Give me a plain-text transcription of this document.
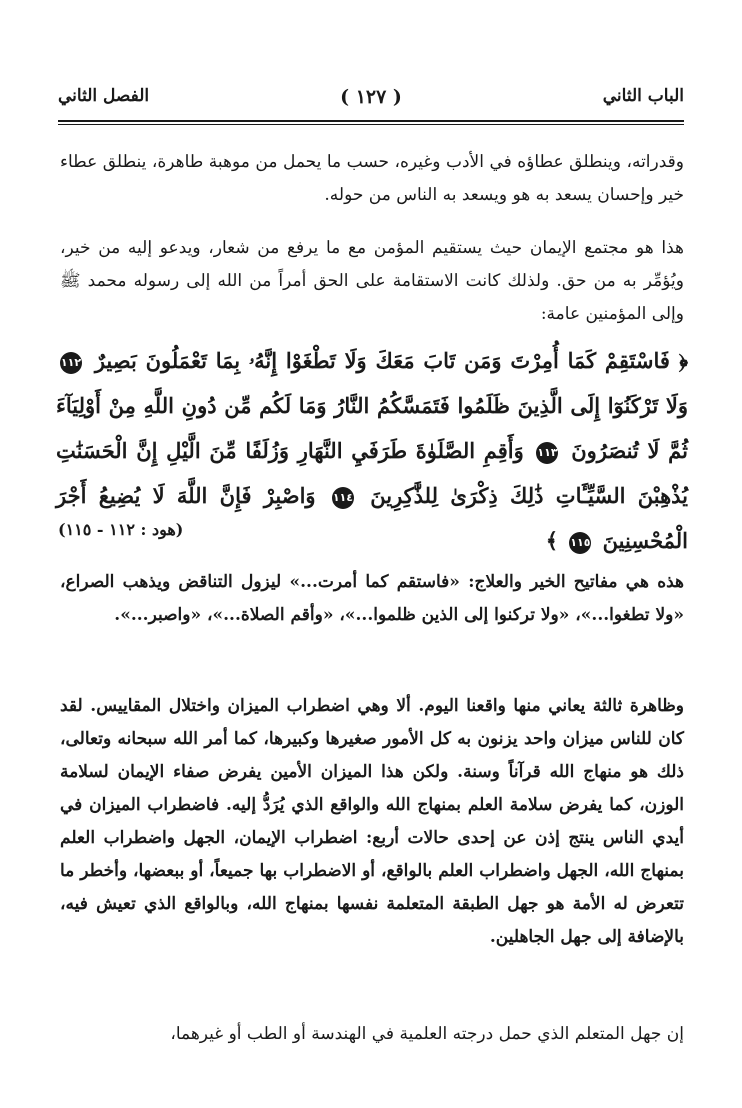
الباب الثاني
( ١٢٧ )
الفصل الثاني
وقدراته، وينطلق عطاؤه في الأدب وغيره، حسب ما يحمل من موهبة طاهرة، ينطلق عطاء خير وإحسان يسعد به هو ويسعد به الناس من حوله.
هذا هو مجتمع الإيمان حيث يستقيم المؤمن مع ما يرفع من شعار، ويدعو إليه من خير، ويُؤمِّر به من حق. ولذلك كانت الاستقامة على الحق أمراً من الله إلى رسوله محمد ﷺ وإلى المؤمنين عامة:
﴿ فَاسْتَقِمْ كَمَا أُمِرْتَ وَمَن تَابَ مَعَكَ وَلَا تَطْغَوْا إِنَّهُۥ بِمَا تَعْمَلُونَ بَصِيرٌ ١١٢ وَلَا تَرْكَنُوٓا إِلَى الَّذِينَ ظَلَمُوا فَتَمَسَّكُمُ النَّارُ وَمَا لَكُم مِّن دُونِ اللَّهِ مِنْ أَوْلِيَآءَ ثُمَّ لَا تُنصَرُونَ ١١٣ وَأَقِمِ الصَّلَوٰةَ طَرَفَيِ النَّهَارِ وَزُلَفًا مِّنَ الَّيْلِ إِنَّ الْحَسَنَٰتِ يُذْهِبْنَ السَّيِّـَٔاتِ ذَٰلِكَ ذِكْرَىٰ لِلذَّٰكِرِينَ ١١٤ وَاصْبِرْ فَإِنَّ اللَّهَ لَا يُضِيعُ أَجْرَ الْمُحْسِنِينَ ١١٥ ﴾
(هود : ١١٢ - ١١٥)
هذه هي مفاتيح الخير والعلاج: «فاستقم كما أمرت...» ليزول التناقض ويذهب الصراع، «ولا تطغوا...»، «ولا تركنوا إلى الذين ظلموا...»، «وأقم الصلاة...»، «واصبر...».
وظاهرة ثالثة يعاني منها واقعنا اليوم. ألا وهي اضطراب الميزان واختلال المقاييس. لقد كان للناس ميزان واحد يزنون به كل الأمور صغيرها وكبيرها، كما أمر الله سبحانه وتعالى، ذلك هو منهاج الله قرآناً وسنة. ولكن هذا الميزان الأمين يفرض صفاء الإيمان لسلامة الوزن، كما يفرض سلامة العلم بمنهاج الله والواقع الذي يُرَدُّ إليه. فاضطراب الميزان في أيدي الناس ينتج إذن عن إحدى حالات أربع: اضطراب الإيمان، الجهل واضطراب العلم بمنهاج الله، الجهل واضطراب العلم بالواقع، أو الاضطراب بها جميعاً، أو ببعضها، وأخطر ما تتعرض له الأمة هو جهل الطبقة المتعلمة نفسها بمنهاج الله، وبالواقع الذي تعيش فيه، بالإضافة إلى جهل الجاهلين.
إن جهل المتعلم الذي حمل درجته العلمية في الهندسة أو الطب أو غيرهما،
